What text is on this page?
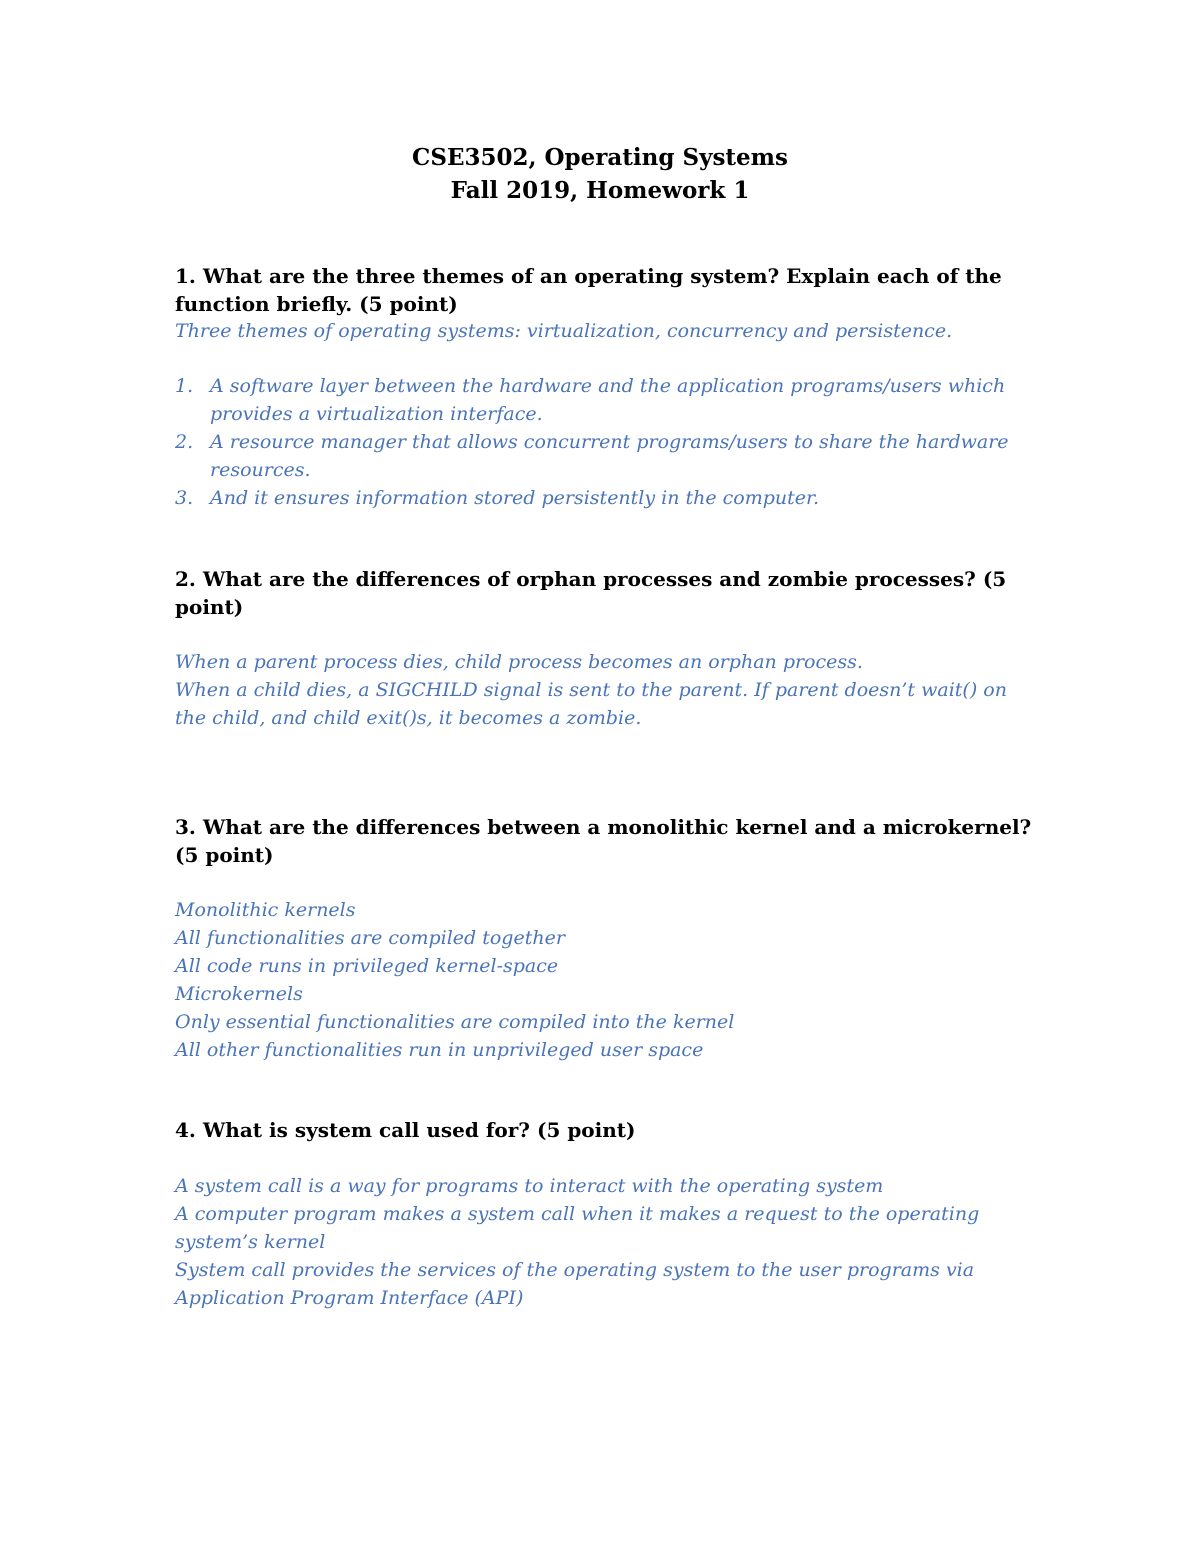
CSE3502, Operating Systems
Fall 2019, Homework 1
1. What are the three themes of an operating system? Explain each of the function briefly. (5 point)
Three themes of operating systems: virtualization, concurrency and persistence.
1. A software layer between the hardware and the application programs/users which provides a virtualization interface.
2. A resource manager that allows concurrent programs/users to share the hardware resources.
3. And it ensures information stored persistently in the computer.
2. What are the differences of orphan processes and zombie processes? (5 point)

When a parent process dies, child process becomes an orphan process.

When a child dies, a SIGCHILD signal is sent to the parent. If parent doesn’t wait() on the child, and child exit()s, it becomes a zombie.

3. What are the differences between a monolithic kernel and a microkernel? (5 point)

Monolithic kernels

All functionalities are compiled together

All code runs in privileged kernel-space

Microkernels

Only essential functionalities are compiled into the kernel

All other functionalities run in unprivileged user space

4. What is system call used for? (5 point)

A system call is a way for programs to interact with the operating system

A computer program makes a system call when it makes a request to the operating system’s kernel

System call provides the services of the operating system to the user programs via Application Program Interface (API)
